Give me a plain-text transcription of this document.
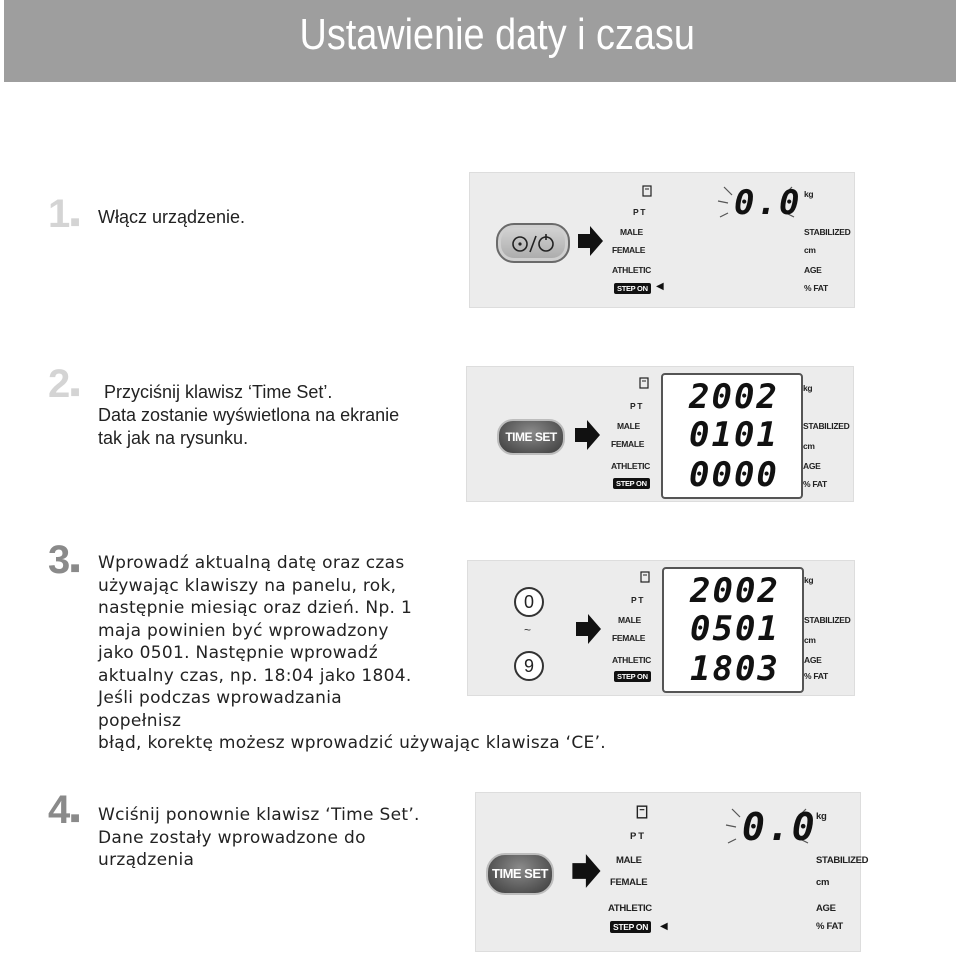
Ustawienie daty i czasu
1■
2■
3■
4■
Włącz urządzenie.
Przyciśnij klawisz ‘Time Set’.
Data zostanie wyświetlona na ekranie
tak jak na rysunku.
Wprowadź aktualną datę oraz czas
używając klawiszy na panelu, rok,
następnie miesiąc oraz dzień. Np. 1
maja powinien być wprowadzony
jako 0501. Następnie wprowadź
aktualny czas, np. 18:04 jako 1804.
Jeśli podczas wprowadzania
popełnisz
błąd, korektę możesz wprowadzić używając klawisza ‘CE’.
Wciśnij ponownie klawisz ‘Time Set’.
Dane zostały wprowadzone do
urządzenia
P T
MALE
FEMALE
ATHLETIC
STEP ON ◀
0.0 kg
STABILIZED
cm
AGE
% FAT
TIME SET
P T
MALE
FEMALE
ATHLETIC
STEP ON
2002
0101
0000
kg
STABILIZED
cm
AGE
% FAT
0
~
9
P T
MALE
FEMALE
ATHLETIC
STEP ON
2002
0501
1803
kg
STABILIZED
cm
AGE
% FAT
TIME SET
P T
MALE
FEMALE
ATHLETIC
STEP ON	◀
0.0 kg
STABILIZED
cm
AGE
% FAT
